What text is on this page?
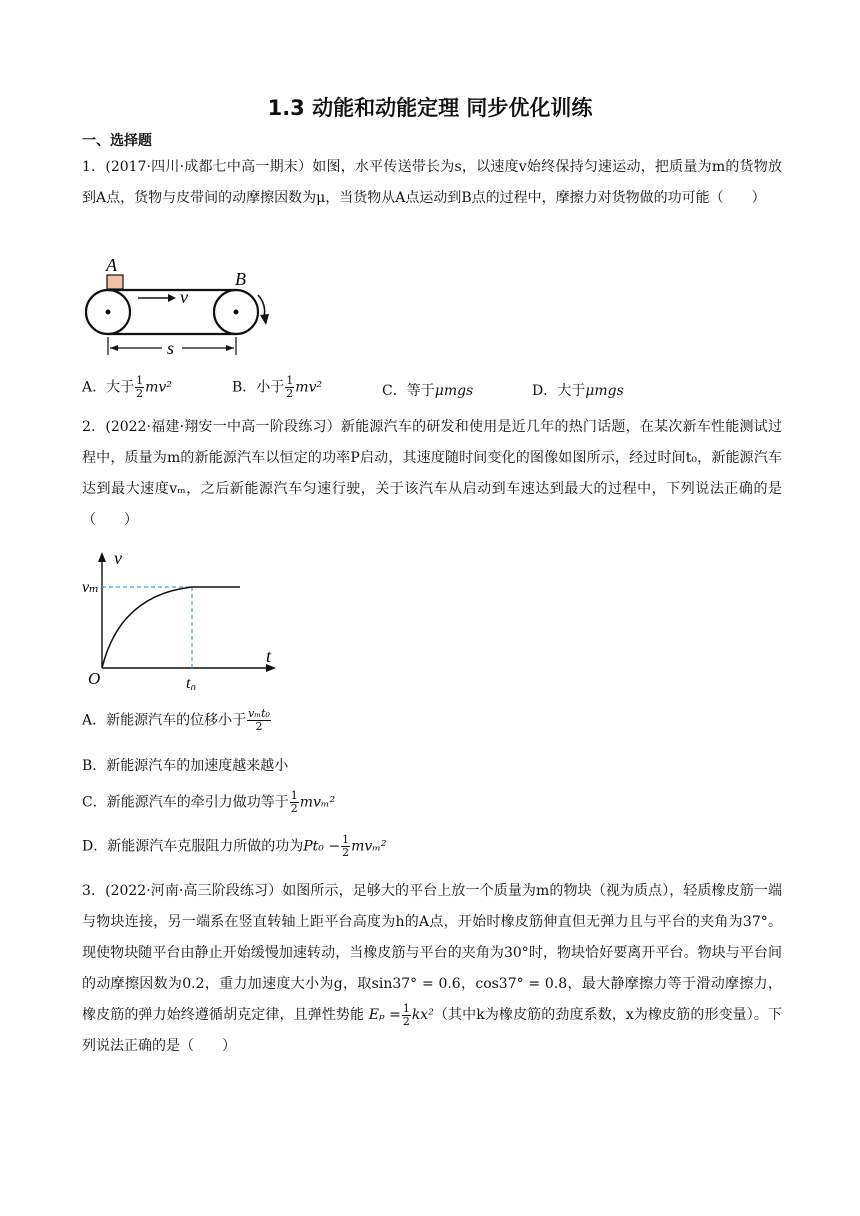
1.3 动能和动能定理 同步优化训练
一、选择题
1．(2017·四川·成都七中高一期末）如图，水平传送带长为s，以速度v始终保持匀速运动，把质量为m的货物放到A点，货物与皮带间的动摩擦因数为μ，当货物从A点运动到B点的过程中，摩擦力对货物做的功可能（　　）
A
v
B
s
A．大于 $\frac{1}{2} mv^2$	B．小于 $\frac{1}{2} mv^2$	C．等于μmgs	D．大于μmgs
2．(2022·福建·翔安一中高一阶段练习）新能源汽车的研发和使用是近几年的热门话题，在某次新车性能测试过程中，质量为m的新能源汽车以恒定的功率P启动，其速度随时间变化的图像如图所示，经过时间t₀，新能源汽车达到最大速度vₘ，之后新能源汽车匀速行驶，关于该汽车从启动到车速达到最大的过程中，下列说法正确的是（　　）
v
t
O
vₘ
t₀
A．新能源汽车的位移小于 $\frac{\text{vₘt₀}}{2}$
B．新能源汽车的加速度越来越小
C．新能源汽车的牵引力做功等于 $\frac{1}{2} mv_m^2$
D．新能源汽车克服阻力所做的功为$Pt_0 - \frac{1}{2} mv_m^2$
3．(2022·河南·高三阶段练习）如图所示，足够大的平台上放一个质量为m的物块（视为质点），轻质橡皮筋一端与物块连接，另一端系在竖直转轴上距平台高度为h的A点，开始时橡皮筋伸直但无弹力且与平台的夹角为37°。现使物块随平台由静止开始缓慢加速转动，当橡皮筋与平台的夹角为30°时，物块恰好要离开平台。物块与平台间的动摩擦因数为0.2，重力加速度大小为g，取sin37° = 0.6，cos37° = 0.8，最大静摩擦力等于滑动摩擦力，橡皮筋的弹力始终遵循胡克定律，且弹性势能 $E_p = \frac{1}{2} kx^2$（其中k为橡皮筋的劲度系数，x为橡皮筋的形变量）。下列说法正确的是（　　）
